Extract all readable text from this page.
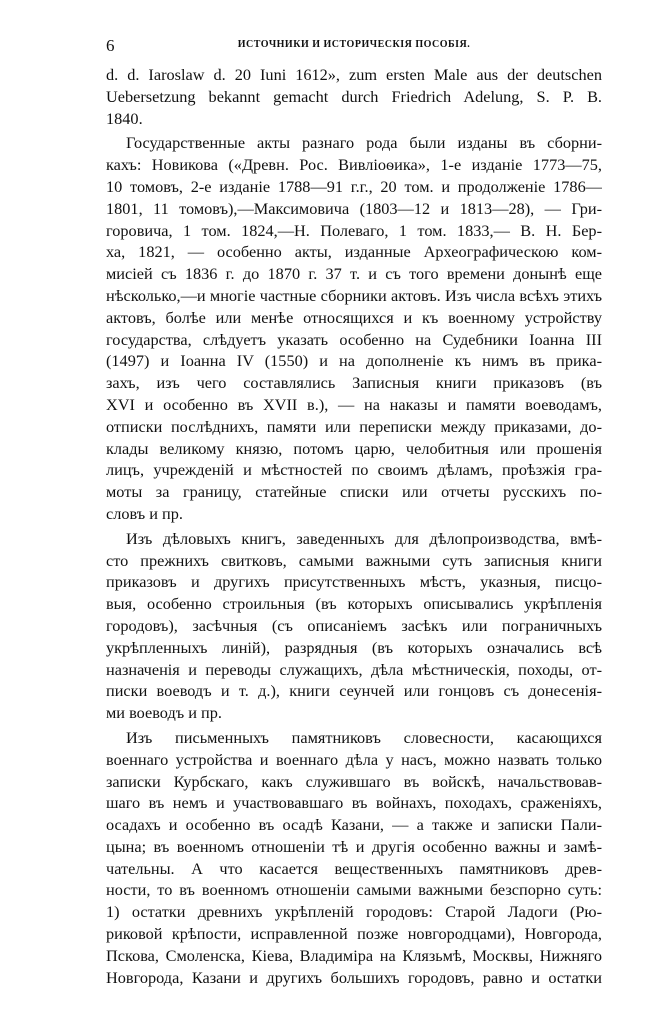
6	ИСТОЧНИКИ И ИСТОРИЧЕСКІЯ ПОСОБІЯ.
d. d. Iaroslaw d. 20 Iuni 1612», zum ersten Male aus der deutschen
Uebersetzung bekannt gemacht durch Friedrich Adelung, S. P. B.
1840.
Государственные акты разнаго рода были изданы въ сборни-
кахъ: Новикова («Древн. Рос. Вивліоѳика», 1-е изданіе 1773—75,
10 томовъ, 2-е изданіе 1788—91 г.г., 20 том. и продолженіе 1786—
1801, 11 томовъ),—Максимовича (1803—12 и 1813—28), — Гри-
горовича, 1 том. 1824,—Н. Полеваго, 1 том. 1833,— В. Н. Бер-
ха, 1821, — особенно акты, изданные Археографическою ком-
мисіей съ 1836 г. до 1870 г. 37 т. и съ того времени донынѣ еще
нѣсколько,—и многіе частные сборники актовъ. Изъ числа всѣхъ этихъ
актовъ, болѣе или менѣе относящихся и къ военному устройству
государства, слѣдуетъ указать особенно на Судебники Іоанна III
(1497) и Іоанна IV (1550) и на дополненіе къ нимъ въ прика-
захъ, изъ чего составлялись Записныя книги приказовъ (въ
XVI и особенно въ XVII в.), — на наказы и памяти воеводамъ,
отписки послѣднихъ, памяти или переписки между приказами, до-
клады великому князю, потомъ царю, челобитныя или прошенія
лицъ, учрежденій и мѣстностей по своимъ дѣламъ, проѣзжія гра-
моты за границу, статейные списки или отчеты русскихъ по-
словъ и пр.
Изъ дѣловыхъ книгъ, заведенныхъ для дѣлопроизводства, вмѣ-
сто прежнихъ свитковъ, самыми важными суть записныя книги
приказовъ и другихъ присутственныхъ мѣстъ, указныя, писцо-
выя, особенно строильныя (въ которыхъ описывались укрѣпленія
городовъ), засѣчныя (съ описаніемъ засѣкъ или пограничныхъ
укрѣпленныхъ линій), разрядныя (въ которыхъ означались всѣ
назначенія и переводы служащихъ, дѣла мѣстническія, походы, от-
писки воеводъ и т. д.), книги сеунчей или гонцовъ съ донесенія-
ми воеводъ и пр.
Изъ письменныхъ памятниковъ словесности, касающихся
военнаго устройства и военнаго дѣла у насъ, можно назвать только
записки Курбскаго, какъ служившаго въ войскѣ, начальствовав-
шаго въ немъ и участвовавшаго въ войнахъ, походахъ, сраженіяхъ,
осадахъ и особенно въ осадѣ Казани, — а также и записки Пали-
цына; въ военномъ отношеніи тѣ и другія особенно важны и замѣ-
чательны. А что касается вещественныхъ памятниковъ древ-
ности, то въ военномъ отношеніи самыми важными безспорно суть:
1) остатки древнихъ укрѣпленій городовъ: Старой Ладоги (Рю-
риковой крѣпости, исправленной позже новгородцами), Новгорода,
Пскова, Смоленска, Кіева, Владиміра на Клязьмѣ, Москвы, Нижняго
Новгорода, Казани и другихъ большихъ городовъ, равно и остатки
